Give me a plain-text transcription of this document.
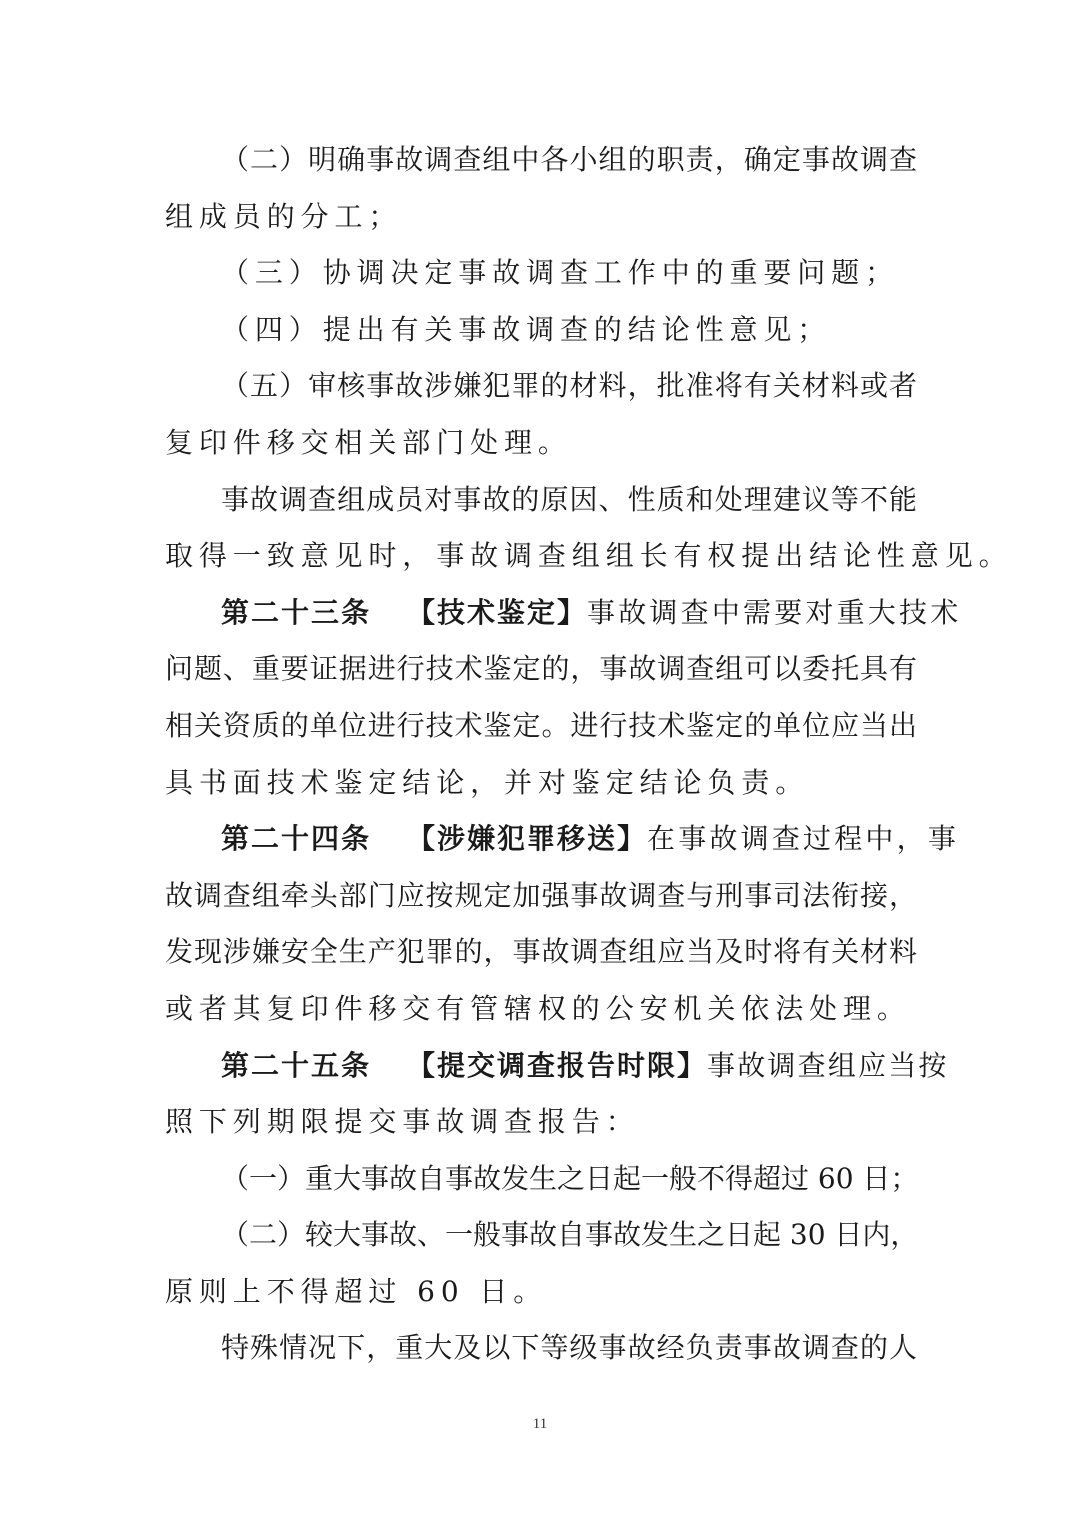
（二）明确事故调查组中各小组的职责，确定事故调查
组成员的分工；
（三）协调决定事故调查工作中的重要问题；
（四）提出有关事故调查的结论性意见；
（五）审核事故涉嫌犯罪的材料，批准将有关材料或者
复印件移交相关部门处理。
事故调查组成员对事故的原因、性质和处理建议等不能
取得一致意见时，事故调查组组长有权提出结论性意见。
第二十三条 【技术鉴定】事故调查中需要对重大技术
问题、重要证据进行技术鉴定的，事故调查组可以委托具有
相关资质的单位进行技术鉴定。进行技术鉴定的单位应当出
具书面技术鉴定结论，并对鉴定结论负责。
第二十四条 【涉嫌犯罪移送】在事故调查过程中，事
故调查组牵头部门应按规定加强事故调查与刑事司法衔接，
发现涉嫌安全生产犯罪的，事故调查组应当及时将有关材料
或者其复印件移交有管辖权的公安机关依法处理。
第二十五条 【提交调查报告时限】事故调查组应当按
照下列期限提交事故调查报告：
（一）重大事故自事故发生之日起一般不得超过 60 日；
（二）较大事故、一般事故自事故发生之日起 30 日内，
原则上不得超过 60 日。
特殊情况下，重大及以下等级事故经负责事故调查的人
11
